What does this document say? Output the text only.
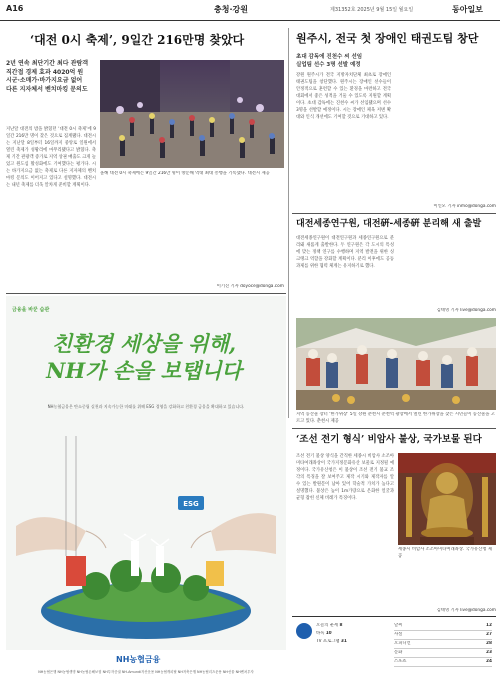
A16	충청·강원	제31352호 2025년 9월 15일 월요일	동아일보
‘대전 0시 축제’, 9일간 216만명 찾았다
2년 연속 최단기간 최다 관람객
직간접 경제 효과 4020억 원
시군·소매가·바가지요금 없어
다른 지자체서 벤치마킹 문의도
지난달 대전의 밤을 밝혔던 ‘대전 0시 축제’에 9일간 216만 명이 찾은 것으로 집계됐다. 대전시는 지난달 8일부터 16일까지 중앙로 일원에서 열린 축제가 성황리에 마무리됐다고 밝혔다. 축제 기간 관광객 증가로 지역 상권 매출도 크게 늘었고 원도심 활성화에도 기여했다는 평가다. 시는 바가지요금 없는 축제로 다른 지자체의 벤치마킹 문의도 이어지고 있다고 설명했다. 대전시는 내년 축제를 더욱 알차게 준비할 계획이다.
올해 대전 0시 축제에는 9일간 216만 명이 방문해 역대 최대 흥행을 기록했다. 대전시 제공
이기진 기자 doyoce@donga.com
금융을 바꾼 습관
친환경 세상을 위해, NH가 손을 보탭니다
NH농협금융은 탄소중립 실천과 지속가능한 미래를 위해 ESG 경영을 강화하고 친환경 금융을 확대하고 있습니다.
ESG
NH농협금융
NH농협은행 NH농협생명 NH농협손해보험 NH투자증권 NH-Amundi자산운용 NH농협캐피탈 NH저축은행 NH농협리츠운용 NH선물 NH벤처투자
원주시, 전국 첫 장애인 태권도팀 창단
초대 감독에 진천수 씨 선임
실업팀 선수 3명 선발 예정
강원 원주시가 전국 지방자치단체 최초로 장애인 태권도팀을 창단했다. 원주시는 장애인 선수들이 안정적으로 훈련할 수 있는 환경을 마련하고 전국 대회에서 좋은 성적을 거둘 수 있도록 지원할 계획이다. 초대 감독에는 진천수 씨가 선임됐으며 선수 3명을 선발할 예정이다. 시는 장애인 체육 저변 확대와 인식 개선에도 기여할 것으로 기대하고 있다.
이인모 기자 inmo@donga.com
대전세종연구원, 대전硏-세종硏 분리해 새 출발
대전세종연구원이 대전연구원과 세종연구원으로 분리돼 새롭게 출발한다. 두 연구원은 각 도시의 특성에 맞는 정책 연구를 수행하며 지역 발전을 위한 싱크탱크 역할을 강화할 계획이다. 분리 이후에도 공동 과제를 위한 협력 체계는 유지하기로 했다.
김태영 기자 live@donga.com
지역 농산물 장터 ‘한가위장’ 5일 강원 춘천시 춘천역 광장에서 열린 한가위장을 찾은 시민들이 농산물을 고르고 있다. 춘천시 제공
‘조선 전기 형식’ 비암사 불상, 국가보물 된다
조선 전기 불상 양식을 간직한 세종시 비암사 소조아미타여래좌상이 국가지정문화유산 보물로 지정될 예정이다. 국가유산청은 이 불상이 조선 전기 불교 조각의 특징을 잘 보여주고 제작 시기와 제작자를 알 수 있는 발원문이 남아 있어 학술적 가치가 높다고 설명했다. 불상은 높이 1m가량으로 온화한 얼굴과 균형 잡힌 신체 비례가 특징이다.
세종시 비암사 소조아미타여래좌상. 국가유산청 제공
김태영 기자 live@donga.com
오늘의 운세 8
바둑 10
TV 프로그램 31
날씨	12
사설	27
오피니언	28
문화	23
스포츠	24
